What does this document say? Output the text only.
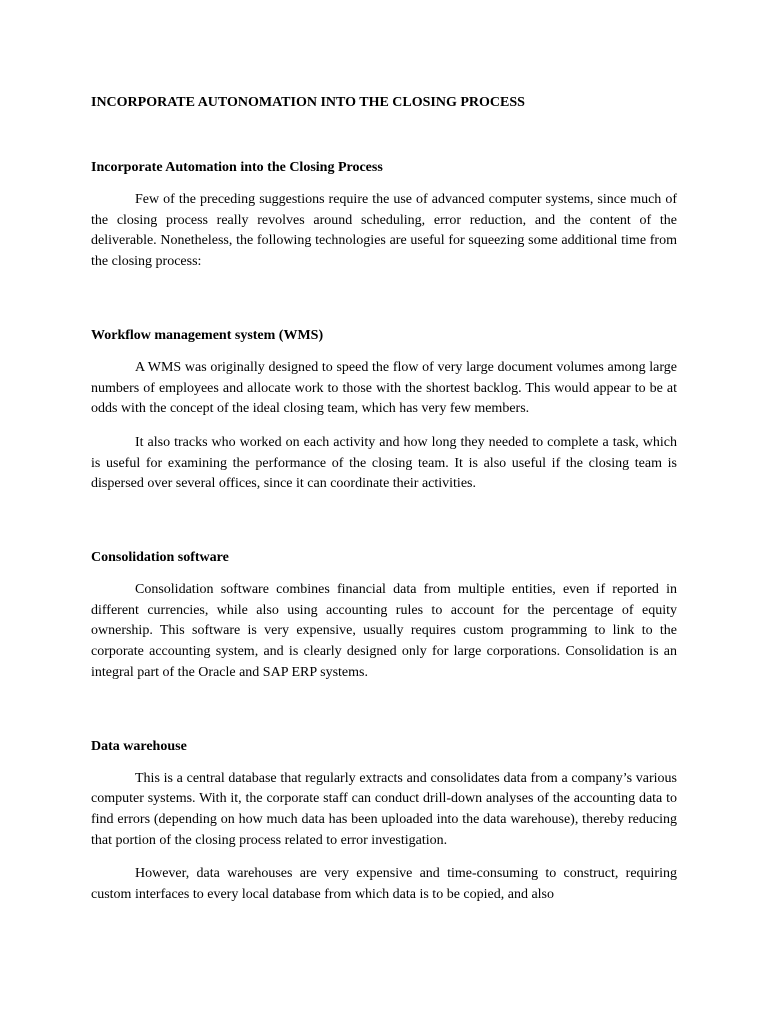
INCORPORATE AUTONOMATION INTO THE CLOSING PROCESS
Incorporate Automation into the Closing Process

Few of the preceding suggestions require the use of advanced computer systems, since much of the closing process really revolves around scheduling, error reduction, and the content of the deliverable. Nonetheless, the following technologies are useful for squeezing some additional time from the closing process:

Workflow management system (WMS)

A WMS was originally designed to speed the flow of very large document volumes among large numbers of employees and allocate work to those with the shortest backlog. This would appear to be at odds with the concept of the ideal closing team, which has very few members.

It also tracks who worked on each activity and how long they needed to complete a task, which is useful for examining the performance of the closing team. It is also useful if the closing team is dispersed over several offices, since it can coordinate their activities.

Consolidation software

Consolidation software combines financial data from multiple entities, even if reported in different currencies, while also using accounting rules to account for the percentage of equity ownership. This software is very expensive, usually requires custom programming to link to the corporate accounting system, and is clearly designed only for large corporations. Consolidation is an integral part of the Oracle and SAP ERP systems.

Data warehouse

This is a central database that regularly extracts and consolidates data from a company’s various computer systems. With it, the corporate staff can conduct drill-down analyses of the accounting data to find errors (depending on how much data has been uploaded into the data warehouse), thereby reducing that portion of the closing process related to error investigation.

However, data warehouses are very expensive and time-consuming to construct, requiring custom interfaces to every local database from which data is to be copied, and also
